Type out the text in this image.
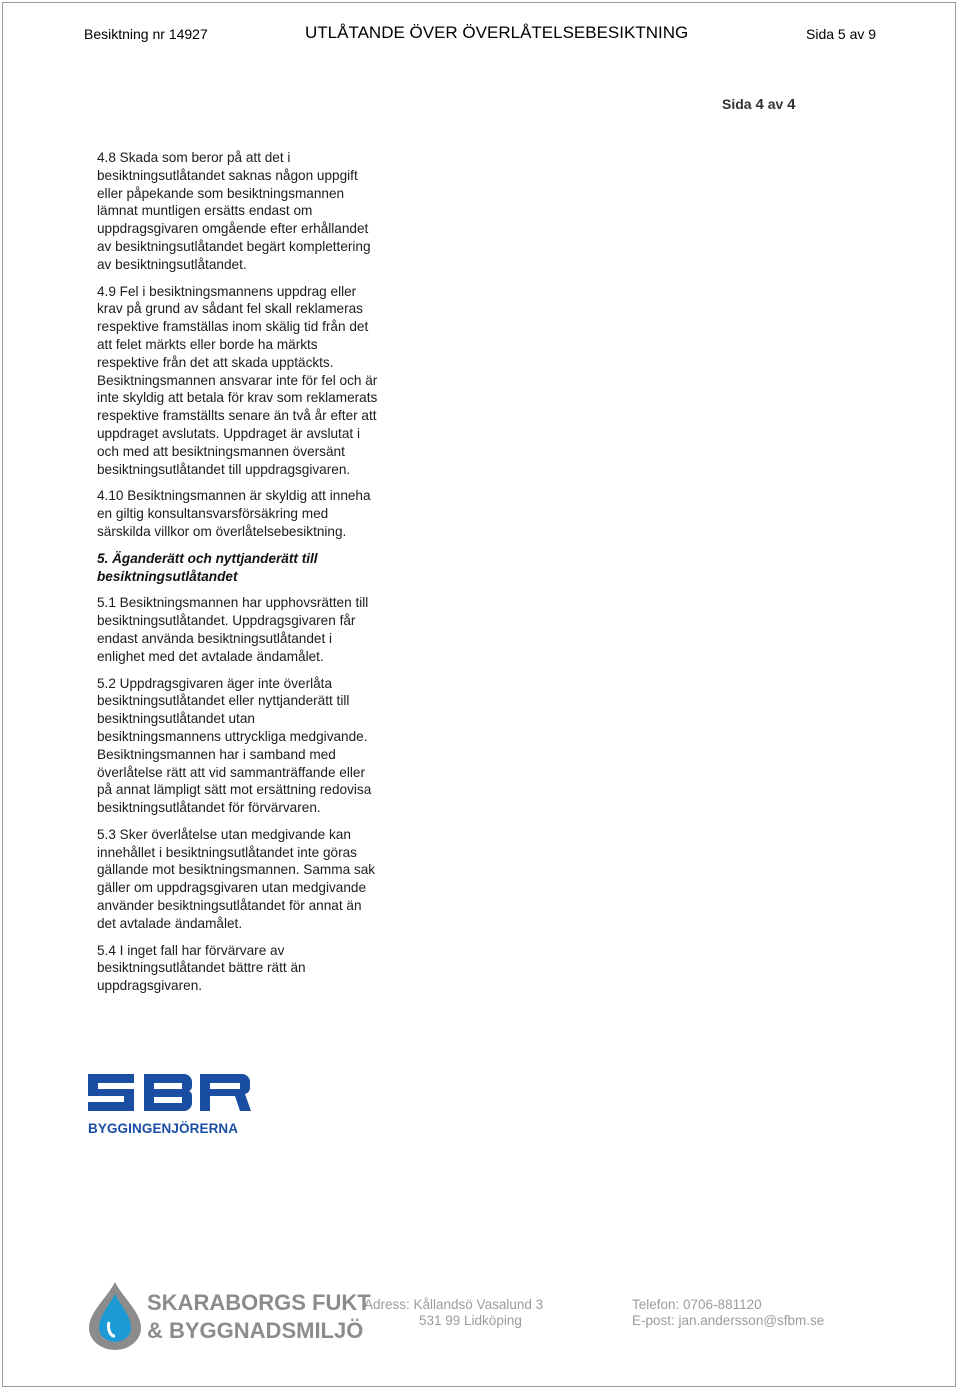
Besiktning nr 14927	UTLÅTANDE ÖVER ÖVERLÅTELSEBESIKTNING	Sida 5 av 9
Sida 4 av 4

4.8 Skada som beror på att det i
besiktningsutlåtandet saknas någon uppgift
eller påpekande som besiktningsmannen
lämnat muntligen ersätts endast om
uppdragsgivaren omgående efter erhållandet
av besiktningsutlåtandet begärt komplettering
av besiktningsutlåtandet.

4.9 Fel i besiktningsmannens uppdrag eller
krav på grund av sådant fel skall reklameras
respektive framställas inom skälig tid från det
att felet märkts eller borde ha märkts
respektive från det att skada upptäckts.
Besiktningsmannen ansvarar inte för fel och är
inte skyldig att betala för krav som reklamerats
respektive framställts senare än två år efter att
uppdraget avslutats. Uppdraget är avslutat i
och med att besiktningsmannen översänt
besiktningsutlåtandet till uppdragsgivaren.

4.10 Besiktningsmannen är skyldig att inneha
en giltig konsultansvarsförsäkring med
särskilda villkor om överlåtelsebesiktning.

5. Äganderätt och nyttjanderätt till
besiktningsutlåtandet

5.1 Besiktningsmannen har upphovsrätten till
besiktningsutlåtandet. Uppdragsgivaren får
endast använda besiktningsutlåtandet i
enlighet med det avtalade ändamålet.

5.2 Uppdragsgivaren äger inte överlåta
besiktningsutlåtandet eller nyttjanderätt till
besiktningsutlåtandet utan
besiktningsmannens uttryckliga medgivande.
Besiktningsmannen har i samband med
överlåtelse rätt att vid sammanträffande eller
på annat lämpligt sätt mot ersättning redovisa
besiktningsutlåtandet för förvärvaren.

5.3 Sker överlåtelse utan medgivande kan
innehållet i besiktningsutlåtandet inte göras
gällande mot besiktningsmannen. Samma sak
gäller om uppdragsgivaren utan medgivande
använder besiktningsutlåtandet för annat än
det avtalade ändamålet.

5.4 I inget fall har förvärvare av
besiktningsutlåtandet bättre rätt än
uppdragsgivaren.

BYGGINGENJÖRERNA
SKARABORGS FUKT
& BYGGNADSMILJÖ
Adress: Kållandsö Vasalund 3
531 99 Lidköping
Telefon: 0706-881120
E-post: jan.andersson@sfbm.se
